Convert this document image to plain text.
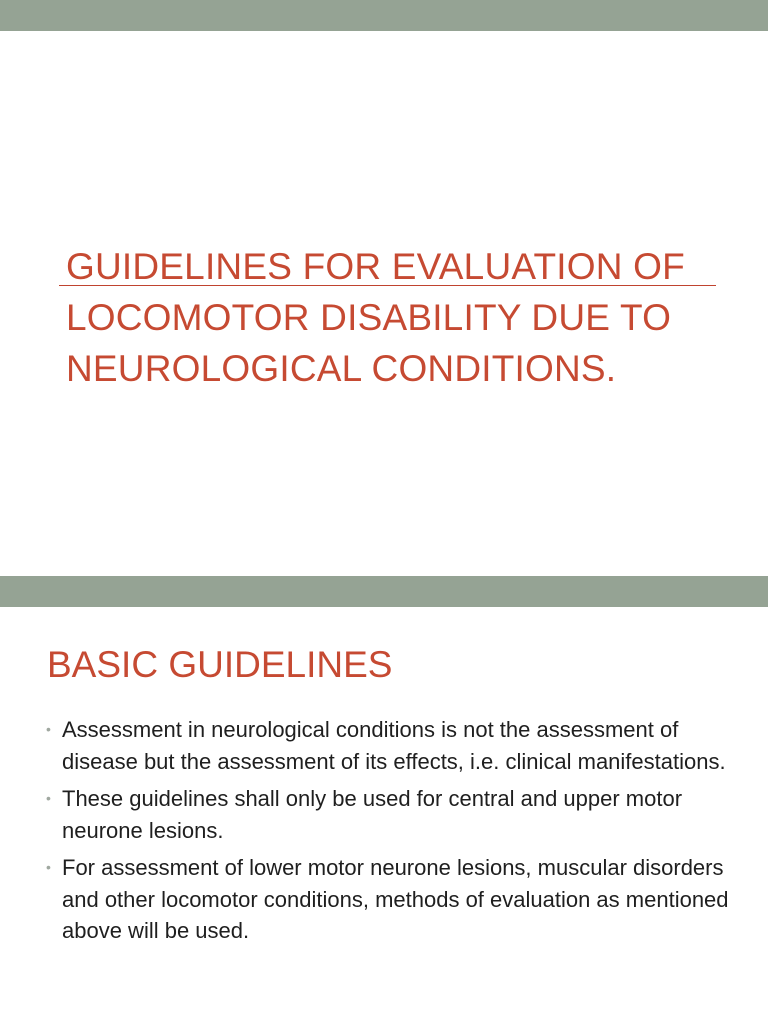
GUIDELINES FOR EVALUATION OF LOCOMOTOR DISABILITY DUE TO NEUROLOGICAL CONDITIONS.
BASIC GUIDELINES
• Assessment in neurological conditions is not the assessment of disease but the assessment of its effects, i.e. clinical manifestations.
• These guidelines shall only be used for central and upper motor neurone lesions.
• For assessment of lower motor neurone lesions, muscular disorders and other locomotor conditions, methods of evaluation as mentioned above will be used.
